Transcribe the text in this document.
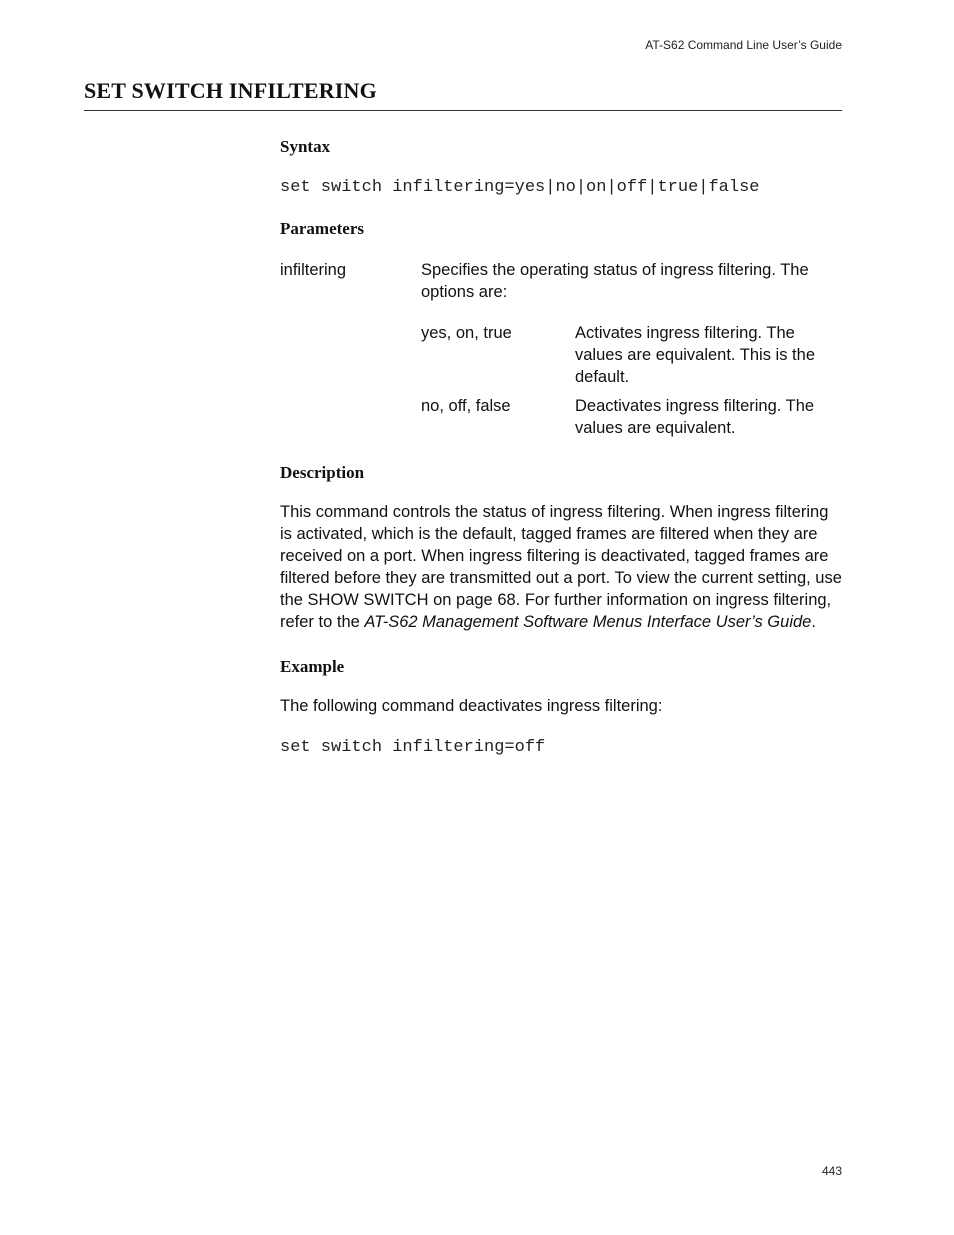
AT-S62 Command Line User’s Guide
SET SWITCH INFILTERING
Syntax
set switch infiltering=yes|no|on|off|true|false
Parameters
infiltering	Specifies the operating status of ingress filtering. The options are:
yes, on, true	Activates ingress filtering. The values are equivalent. This is the default.
no, off, false	Deactivates ingress filtering. The values are equivalent.
Description

This command controls the status of ingress filtering. When ingress filtering is activated, which is the default, tagged frames are filtered when they are received on a port. When ingress filtering is deactivated, tagged frames are filtered before they are transmitted out a port. To view the current setting, use the SHOW SWITCH on page 68. For further information on ingress filtering, refer to the AT-S62 Management Software Menus Interface User’s Guide.

Example

The following command deactivates ingress filtering:

set switch infiltering=off
443
